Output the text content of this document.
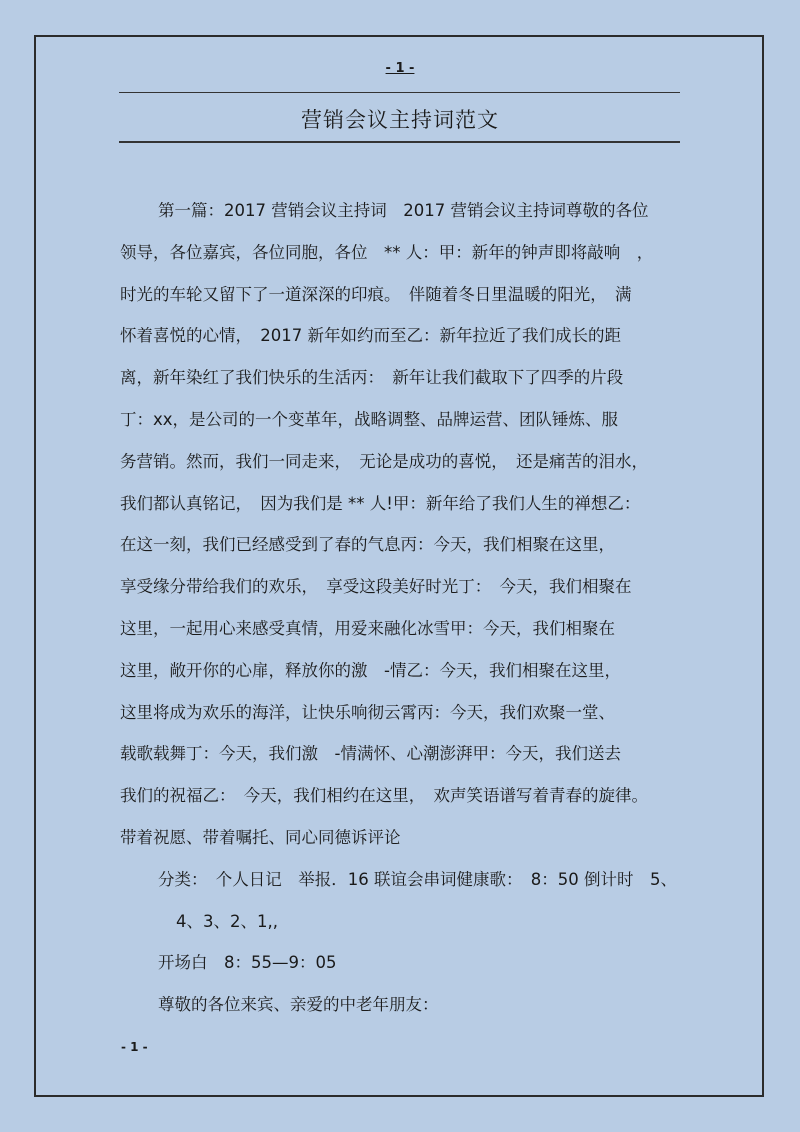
- 1 -
营销会议主持词范文
第一篇：2017 营销会议主持词　2017 营销会议主持词尊敬的各位
领导，各位嘉宾，各位同胞，各位　** 人：甲：新年的钟声即将敲响　，
时光的车轮又留下了一道深深的印痕。　伴随着冬日里温暖的阳光，　满
怀着喜悦的心情，　2017 新年如约而至乙：新年拉近了我们成长的距
离，新年染红了我们快乐的生活丙：　新年让我们截取下了四季的片段
丁：xx，是公司的一个变革年，战略调整、品牌运营、团队锤炼、服
务营销。然而，我们一同走来，　无论是成功的喜悦，　还是痛苦的泪水，
我们都认真铭记，　因为我们是 ** 人!甲：新年给了我们人生的禅想乙：
在这一刻，我们已经感受到了春的气息丙：今天，我们相聚在这里，
享受缘分带给我们的欢乐，　享受这段美好时光丁：　今天，我们相聚在
这里，一起用心来感受真情，用爱来融化冰雪甲：今天，我们相聚在
这里，敞开你的心扉，释放你的激　-情乙：今天，我们相聚在这里，
这里将成为欢乐的海洋，让快乐响彻云霄丙：今天，我们欢聚一堂、
载歌载舞丁：今天，我们激　-情满怀、心潮澎湃甲：今天，我们送去
我们的祝福乙：　今天，我们相约在这里，　欢声笑语谱写着青春的旋律。
带着祝愿、带着嘱托、同心同德诉评论
分类：　个人日记　举报．16 联谊会串词健康歌：　8：50 倒计时　5、
4、3、2、1,,
开场白　8：55—9：05
尊敬的各位来宾、亲爱的中老年朋友：
- 1 -
